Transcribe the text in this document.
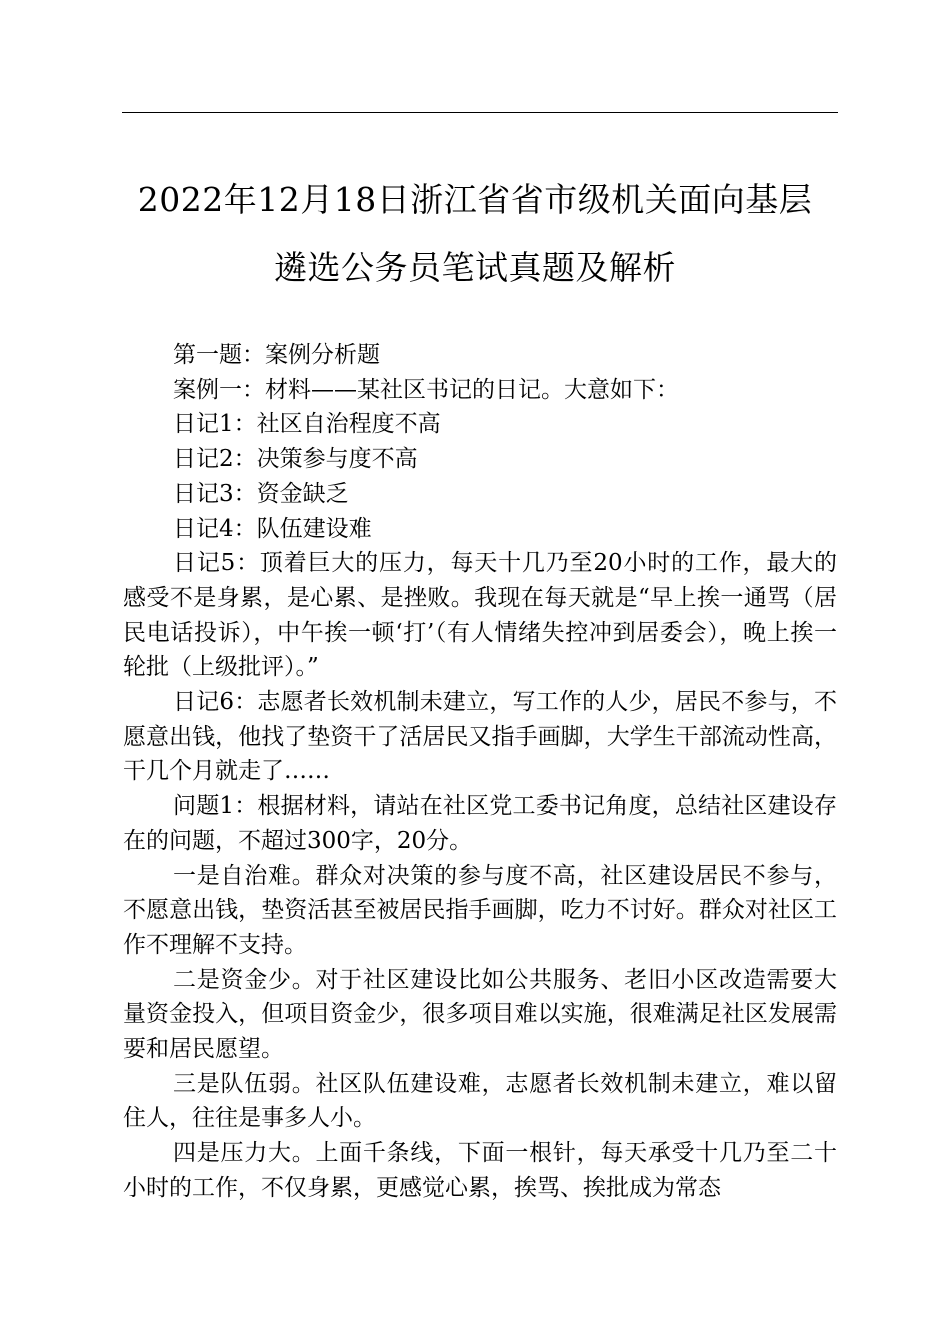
2022年12月18日浙江省省市级机关面向基层
遴选公务员笔试真题及解析

第一题：案例分析题

案例一：材料——某社区书记的日记。大意如下：

日记1：社区自治程度不高

日记2：决策参与度不高

日记3：资金缺乏

日记4：队伍建设难

日记5：顶着巨大的压力，每天十几乃至20小时的工作，最大的感受不是身累，是心累、是挫败。我现在每天就是“早上挨一通骂（居民电话投诉），中午挨一顿‘打’（有人情绪失控冲到居委会），晚上挨一轮批（上级批评）。”

日记6：志愿者长效机制未建立，写工作的人少，居民不参与，不愿意出钱，他找了垫资干了活居民又指手画脚，大学生干部流动性高，干几个月就走了……

问题1：根据材料，请站在社区党工委书记角度，总结社区建设存在的问题，不超过300字，20分。

一是自治难。群众对决策的参与度不高，社区建设居民不参与，不愿意出钱，垫资活甚至被居民指手画脚，吃力不讨好。群众对社区工作不理解不支持。

二是资金少。对于社区建设比如公共服务、老旧小区改造需要大量资金投入，但项目资金少，很多项目难以实施，很难满足社区发展需要和居民愿望。

三是队伍弱。社区队伍建设难，志愿者长效机制未建立，难以留住人，往往是事多人小。

四是压力大。上面千条线，下面一根针，每天承受十几乃至二十小时的工作，不仅身累，更感觉心累，挨骂、挨批成为常态
